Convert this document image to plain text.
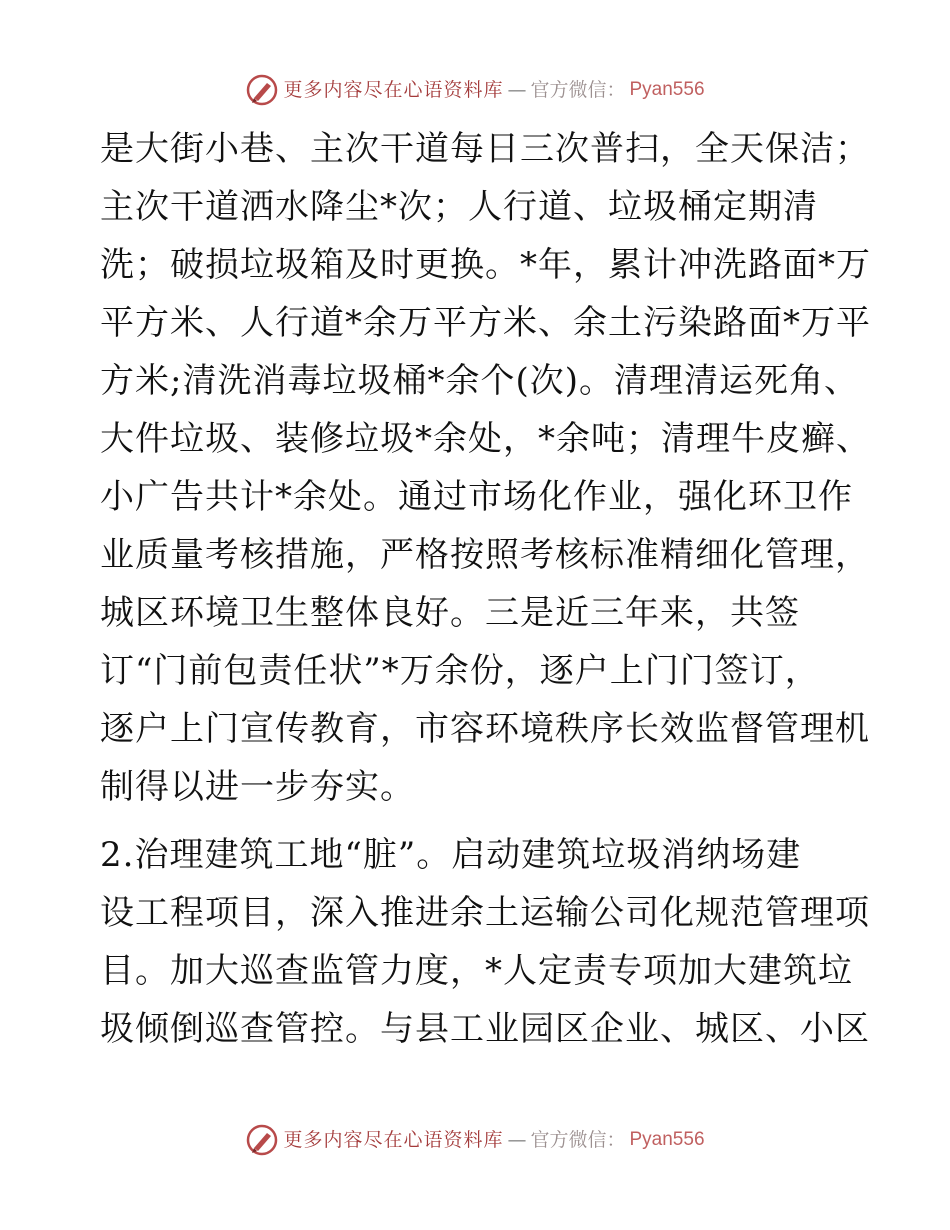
更多内容尽在心语资料库 — 官方微信： Pyan556

是大街小巷、主次干道每日三次普扫，全天保洁；
主次干道洒水降尘*次；人行道、垃圾桶定期清
洗；破损垃圾箱及时更换。*年，累计冲洗路面*万
平方米、人行道*余万平方米、余土污染路面*万平
方米;清洗消毒垃圾桶*余个(次)。清理清运死角、
大件垃圾、装修垃圾*余处，*余吨；清理牛皮癣、
小广告共计*余处。通过市场化作业，强化环卫作
业质量考核措施，严格按照考核标准精细化管理，
城区环境卫生整体良好。三是近三年来，共签
订“门前包责任状”*万余份，逐户上门门签订，
逐户上门宣传教育，市容环境秩序长效监督管理机
制得以进一步夯实。

2.治理建筑工地“脏”。启动建筑垃圾消纳场建
设工程项目，深入推进余土运输公司化规范管理项
目。加大巡查监管力度，*人定责专项加大建筑垃
圾倾倒巡查管控。与县工业园区企业、城区、小区

更多内容尽在心语资料库 — 官方微信： Pyan556
